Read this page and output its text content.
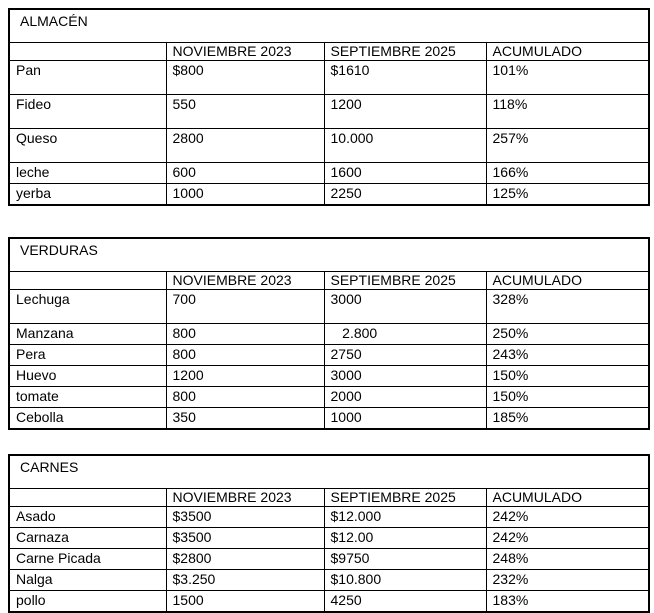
ALMACÉN			
	NOVIEMBRE 2023	SEPTIEMBRE 2025	ACUMULADO
Pan	$800	$1610	101%
Fideo	550	1200	118%
Queso	2800	10.000	257%
leche	600	1600	166%
yerba	1000	2250	125%
VERDURAS			
	NOVIEMBRE 2023	SEPTIEMBRE 2025	ACUMULADO
Lechuga	700	3000	328%
Manzana	800	2.800	250%
Pera	800	2750	243%
Huevo	1200	3000	150%
tomate	800	2000	150%
Cebolla	350	1000	185%
CARNES			
	NOVIEMBRE 2023	SEPTIEMBRE 2025	ACUMULADO
Asado	$3500	$12.000	242%
Carnaza	$3500	$12.00	242%
Carne Picada	$2800	$9750	248%
Nalga	$3.250	$10.800	232%
pollo	1500	4250	183%
